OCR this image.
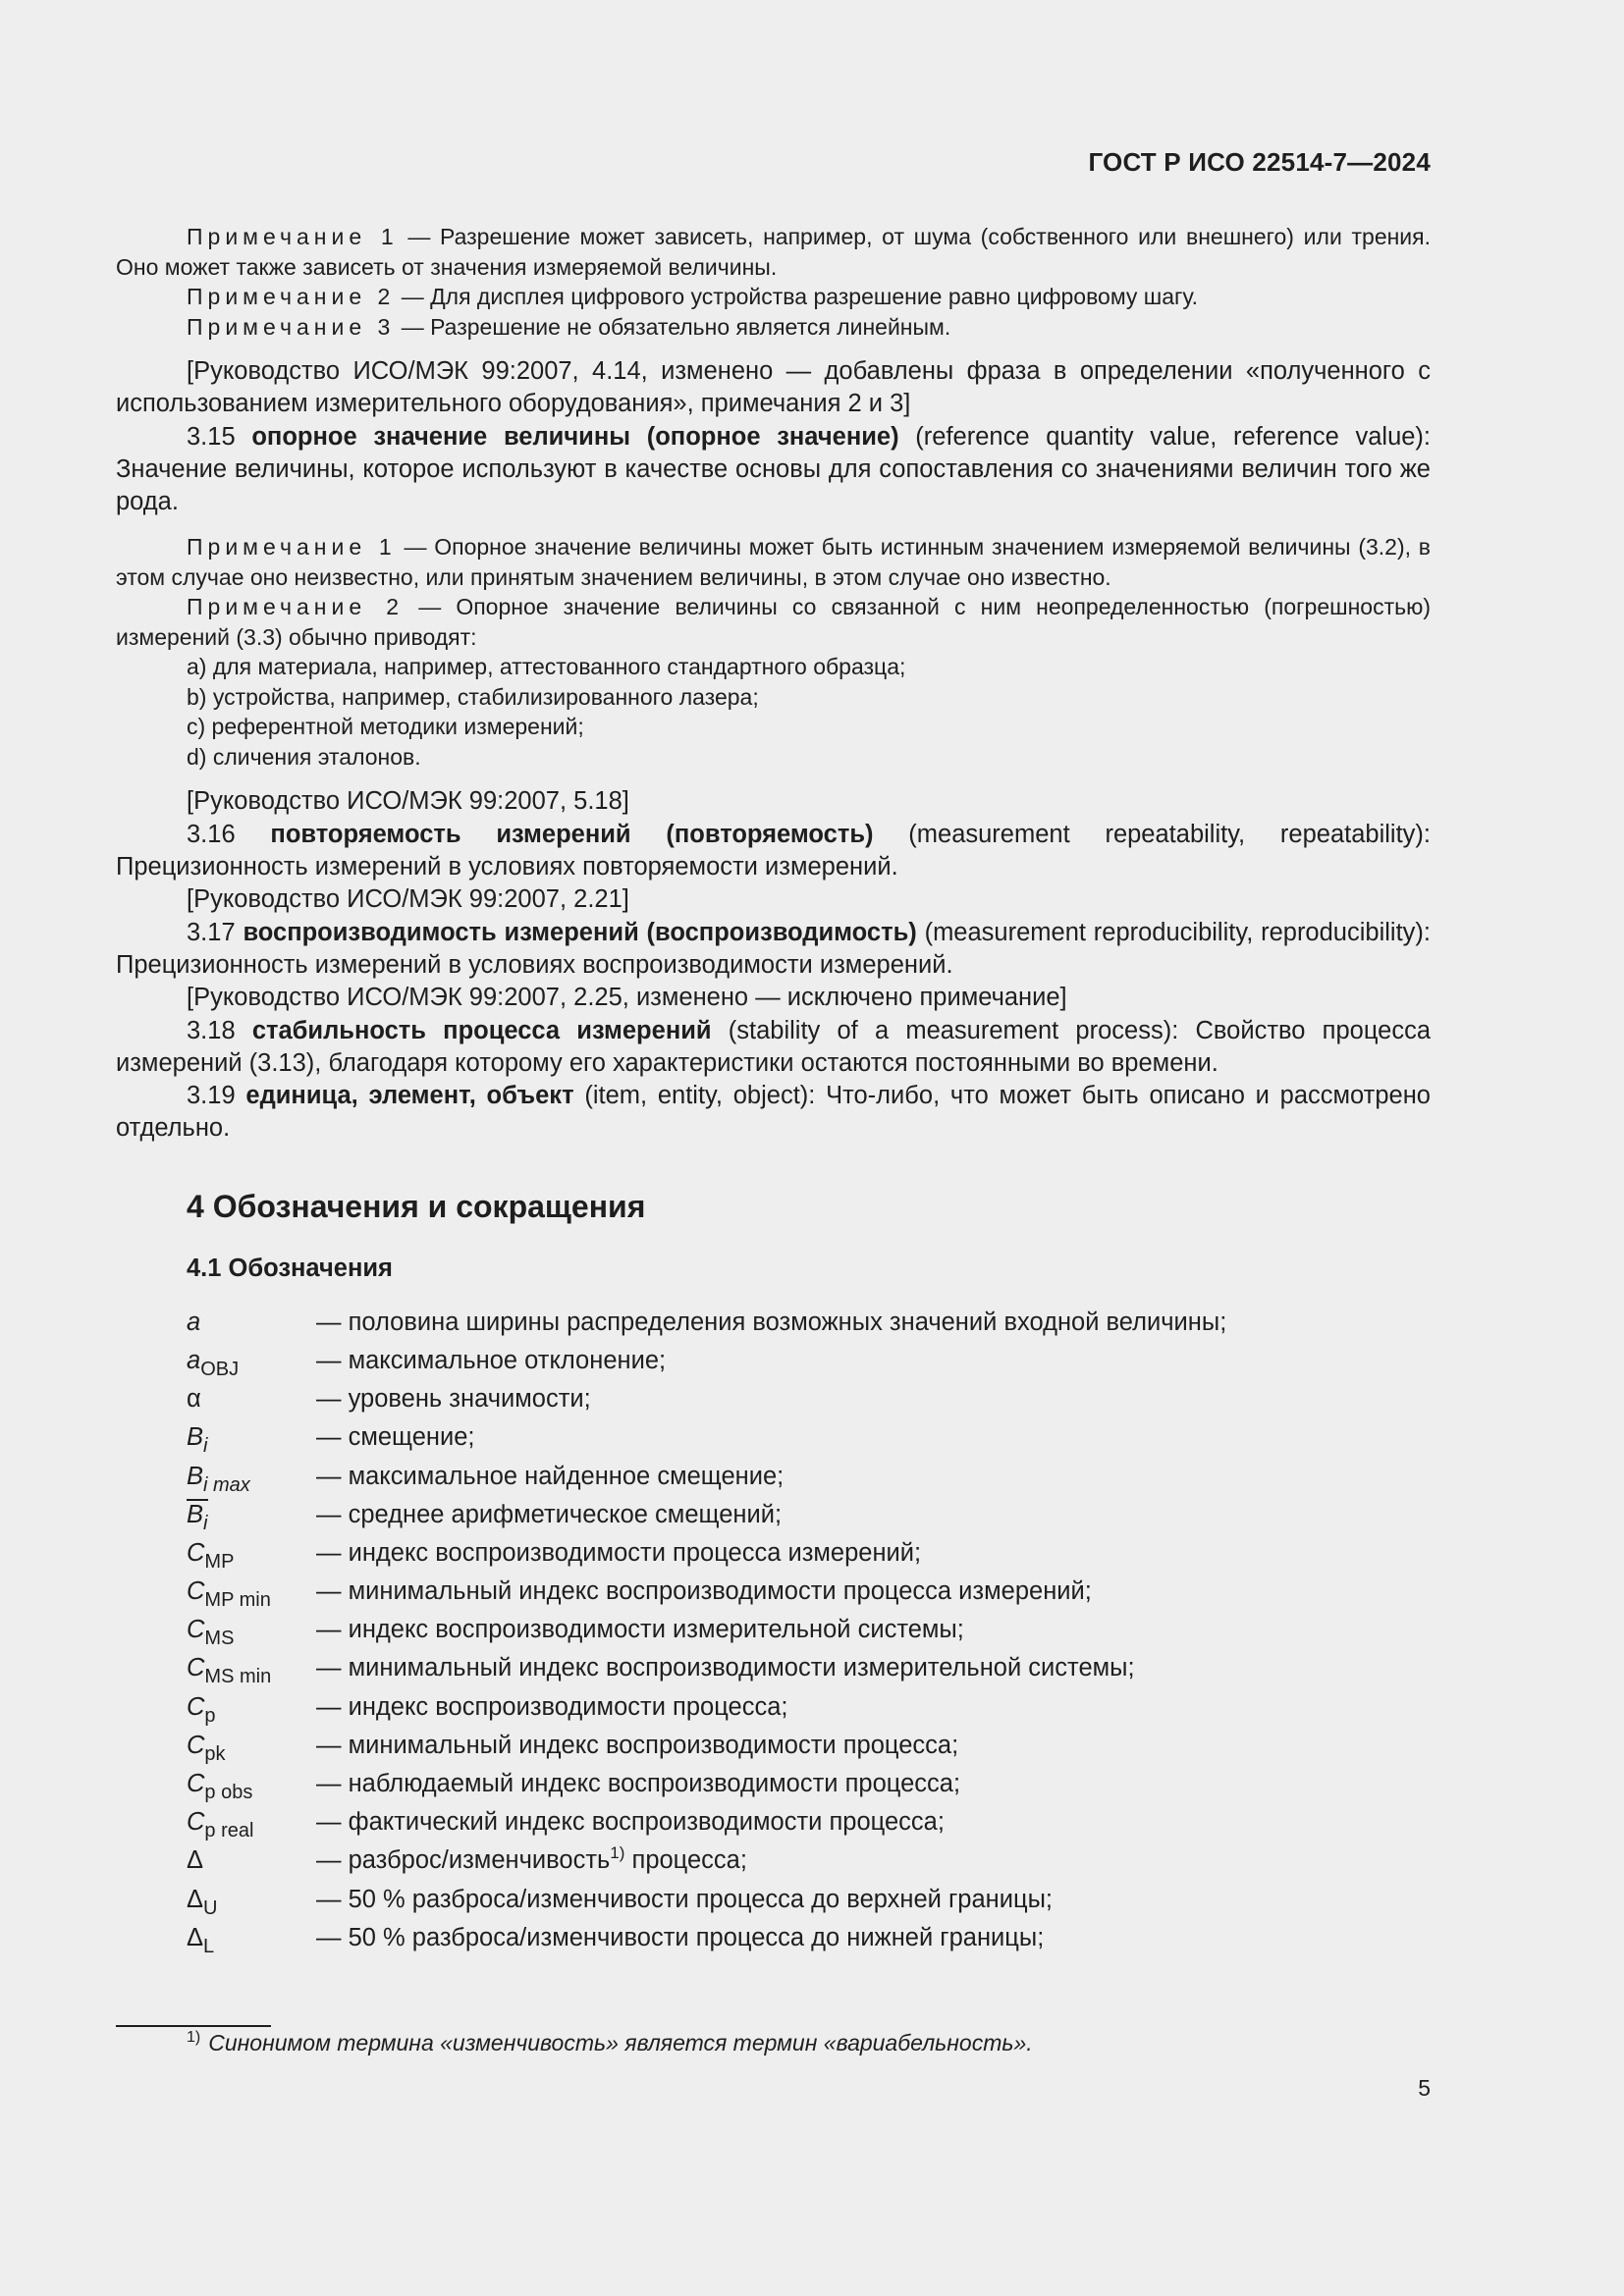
ГОСТ Р ИСО 22514-7—2024

Примечание 1 — Разрешение может зависеть, например, от шума (собственного или внешнего) или трения. Оно может также зависеть от значения измеряемой величины.

Примечание 2 — Для дисплея цифрового устройства разрешение равно цифровому шагу.

Примечание 3 — Разрешение не обязательно является линейным.

[Руководство ИСО/МЭК 99:2007, 4.14, изменено — добавлены фраза в определении «полученного с использованием измерительного оборудования», примечания 2 и 3]

3.15 опорное значение величины (опорное значение) (reference quantity value, reference value): Значение величины, которое используют в качестве основы для сопоставления со значениями величин того же рода.

Примечание 1 — Опорное значение величины может быть истинным значением измеряемой величины (3.2), в этом случае оно неизвестно, или принятым значением величины, в этом случае оно известно.

Примечание 2 — Опорное значение величины со связанной с ним неопределенностью (погрешностью) измерений (3.3) обычно приводят:

а) для материала, например, аттестованного стандартного образца;

b) устройства, например, стабилизированного лазера;

c) референтной методики измерений;

d) сличения эталонов.

[Руководство ИСО/МЭК 99:2007, 5.18]

3.16 повторяемость измерений (повторяемость) (measurement repeatability, repeatability): Прецизионность измерений в условиях повторяемости измерений.

[Руководство ИСО/МЭК 99:2007, 2.21]

3.17 воспроизводимость измерений (воспроизводимость) (measurement reproducibility, reproducibility): Прецизионность измерений в условиях воспроизводимости измерений.

[Руководство ИСО/МЭК 99:2007, 2.25, изменено — исключено примечание]

3.18 стабильность процесса измерений (stability of a measurement process): Свойство процесса измерений (3.13), благодаря которому его характеристики остаются постоянными во времени.

3.19 единица, элемент, объект (item, entity, object): Что-либо, что может быть описано и рассмотрено отдельно.

4 Обозначения и сокращения
4.1 Обозначения
a	— половина ширины распределения возможных значений входной величины;
$a_{OBJ}$	— максимальное отклонение;
α	— уровень значимости;
$B_i$	— смещение;
$B_{i max}$	— максимальное найденное смещение;
$B_i$	— среднее арифметическое смещений;
$C_{MP}$	— индекс воспроизводимости процесса измерений;
$C_{MP min}$	— минимальный индекс воспроизводимости процесса измерений;
$C_{MS}$	— индекс воспроизводимости измерительной системы;
$C_{MS min}$	— минимальный индекс воспроизводимости измерительной системы;
$C_p$	— индекс воспроизводимости процесса;
$C_{pk}$	— минимальный индекс воспроизводимости процесса;
$C_{p obs}$	— наблюдаемый индекс воспроизводимости процесса;
$C_{p real}$	— фактический индекс воспроизводимости процесса;
Δ	— разброс/изменчивость$^{1)}$ процесса;
$\Delta_U$	— 50 % разброса/изменчивости процесса до верхней границы;
$\Delta_L$	— 50 % разброса/изменчивости процесса до нижней границы;
$^{1)}$ Синонимом термина «изменчивость» является термин «вариабельность».
5
